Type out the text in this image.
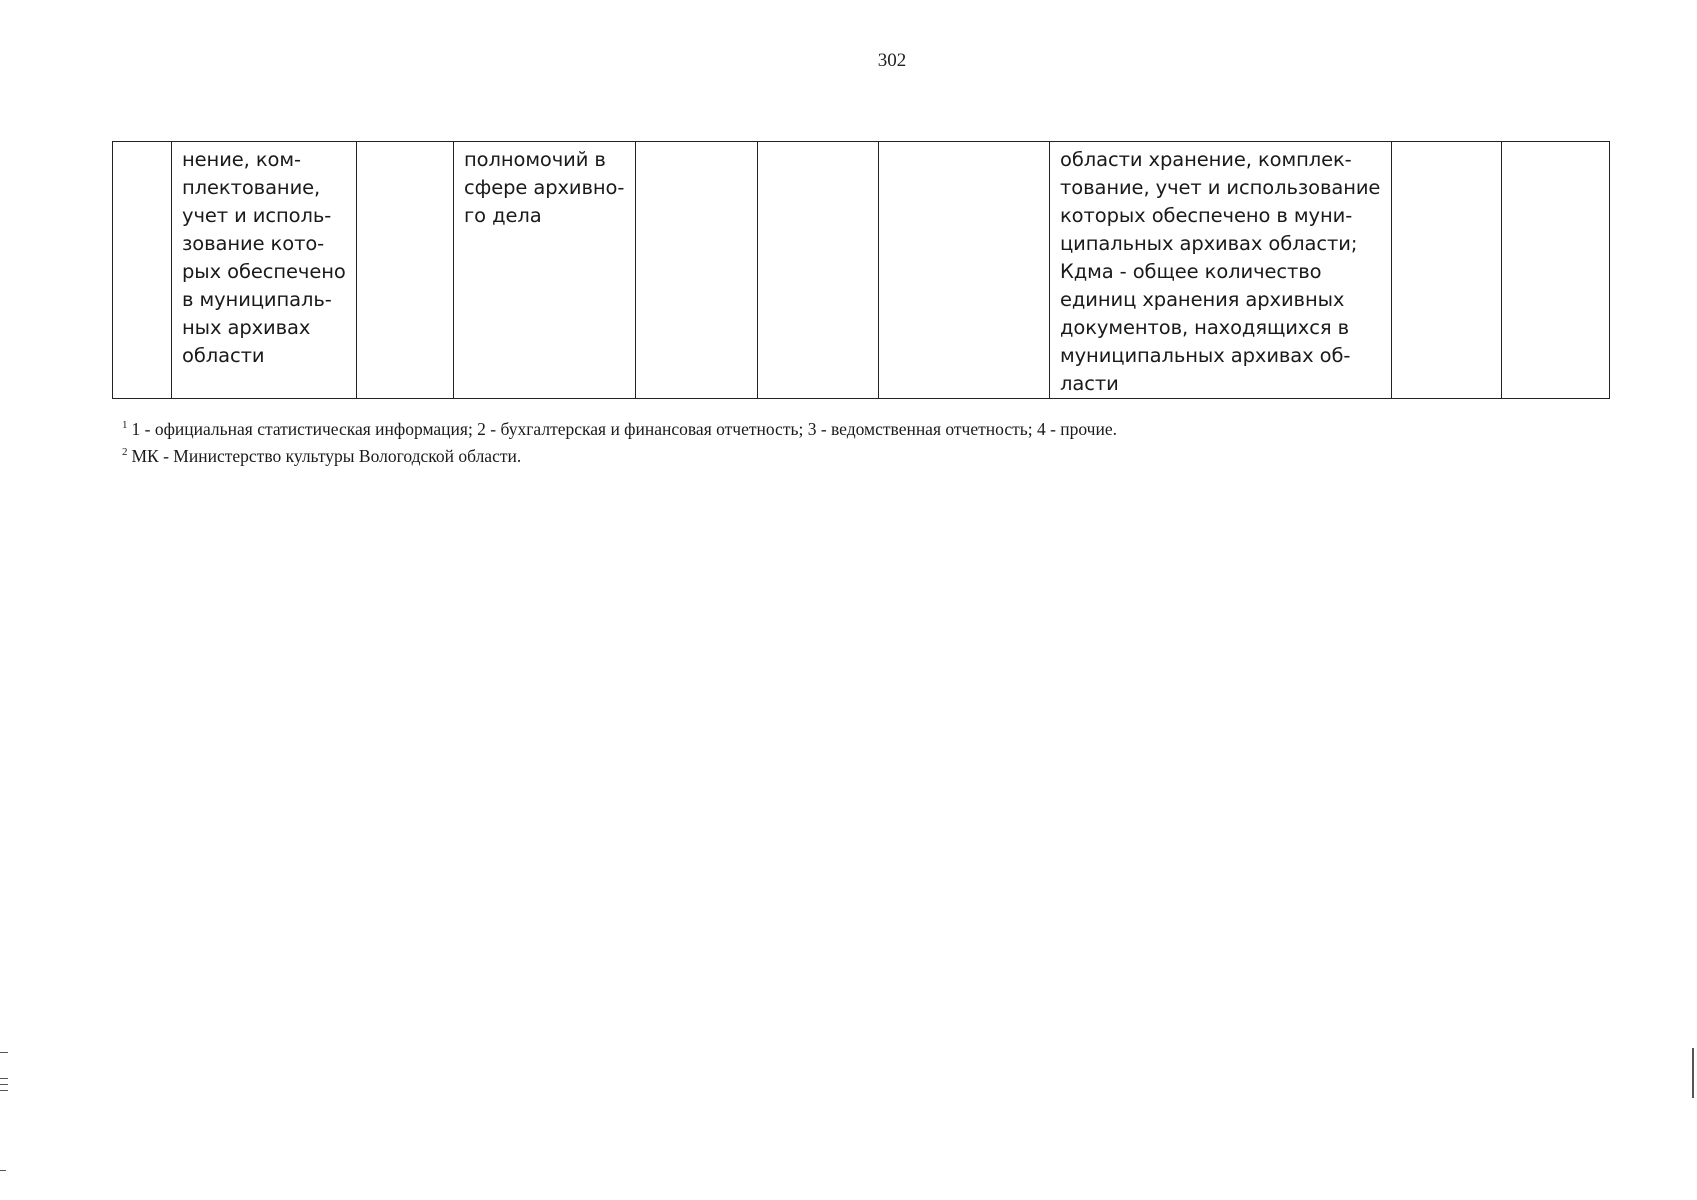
302
	нение, ком-
плектование,
учет и исполь-
зование кото-
рых обеспечено
в муниципаль-
ных архивах
области		полномочий в
сфере архивно-
го дела				области хранение, комплек-
тование, учет и использование
которых обеспечено в муни-
ципальных архивах области;
Кдма - общее количество
единиц хранения архивных
документов, находящихся в
муниципальных архивах об-
ласти		
$^1$ 1 - официальная статистическая информация; 2 - бухгалтерская и финансовая отчетность; 3 - ведомственная отчетность; 4 - прочие.
$^2$ МК - Министерство культуры Вологодской области.
